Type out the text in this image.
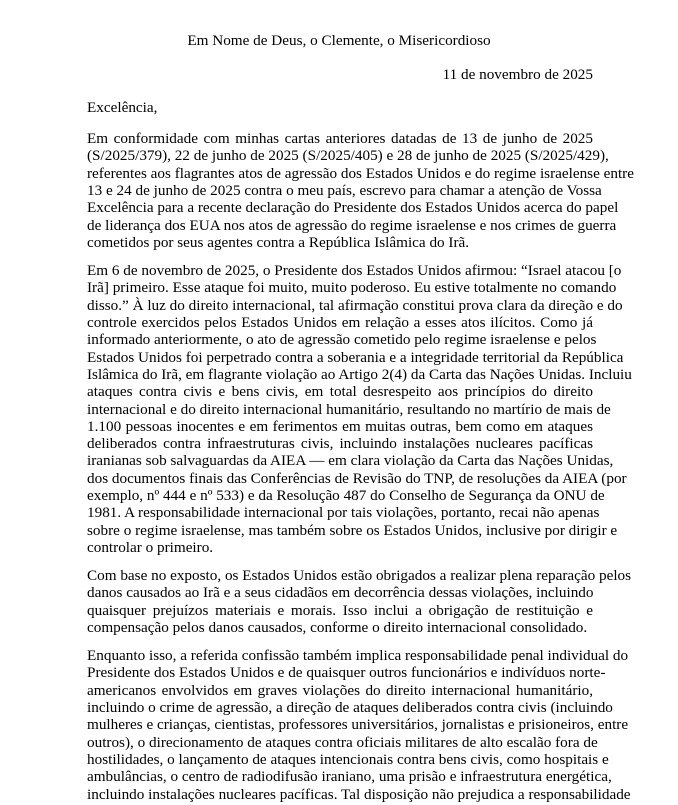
Em Nome de Deus, o Clemente, o Misericordioso
11 de novembro de 2025
Excelência,
Em conformidade com minhas cartas anteriores datadas de 13 de junho de 2025
(S/2025/379), 22 de junho de 2025 (S/2025/405) e 28 de junho de 2025 (S/2025/429),
referentes aos flagrantes atos de agressão dos Estados Unidos e do regime israelense entre
13 e 24 de junho de 2025 contra o meu país, escrevo para chamar a atenção de Vossa
Excelência para a recente declaração do Presidente dos Estados Unidos acerca do papel
de liderança dos EUA nos atos de agressão do regime israelense e nos crimes de guerra
cometidos por seus agentes contra a República Islâmica do Irã.
Em 6 de novembro de 2025, o Presidente dos Estados Unidos afirmou: “Israel atacou [o
Irã] primeiro. Esse ataque foi muito, muito poderoso. Eu estive totalmente no comando
disso.” À luz do direito internacional, tal afirmação constitui prova clara da direção e do
controle exercidos pelos Estados Unidos em relação a esses atos ilícitos. Como já
informado anteriormente, o ato de agressão cometido pelo regime israelense e pelos
Estados Unidos foi perpetrado contra a soberania e a integridade territorial da República
Islâmica do Irã, em flagrante violação ao Artigo 2(4) da Carta das Nações Unidas. Incluiu
ataques contra civis e bens civis, em total desrespeito aos princípios do direito
internacional e do direito internacional humanitário, resultando no martírio de mais de
1.100 pessoas inocentes e em ferimentos em muitas outras, bem como em ataques
deliberados contra infraestruturas civis, incluindo instalações nucleares pacíficas
iranianas sob salvaguardas da AIEA — em clara violação da Carta das Nações Unidas,
dos documentos finais das Conferências de Revisão do TNP, de resoluções da AIEA (por
exemplo, nº 444 e nº 533) e da Resolução 487 do Conselho de Segurança da ONU de
1981. A responsabilidade internacional por tais violações, portanto, recai não apenas
sobre o regime israelense, mas também sobre os Estados Unidos, inclusive por dirigir e
controlar o primeiro.
Com base no exposto, os Estados Unidos estão obrigados a realizar plena reparação pelos
danos causados ao Irã e a seus cidadãos em decorrência dessas violações, incluindo
quaisquer prejuízos materiais e morais. Isso inclui a obrigação de restituição e
compensação pelos danos causados, conforme o direito internacional consolidado.
Enquanto isso, a referida confissão também implica responsabilidade penal individual do
Presidente dos Estados Unidos e de quaisquer outros funcionários e indivíduos norte-
americanos envolvidos em graves violações do direito internacional humanitário,
incluindo o crime de agressão, a direção de ataques deliberados contra civis (incluindo
mulheres e crianças, cientistas, professores universitários, jornalistas e prisioneiros, entre
outros), o direcionamento de ataques contra oficiais militares de alto escalão fora de
hostilidades, o lançamento de ataques intencionais contra bens civis, como hospitais e
ambulâncias, o centro de radiodifusão iraniano, uma prisão e infraestrutura energética,
incluindo instalações nucleares pacíficas. Tal disposição não prejudica a responsabilidade
